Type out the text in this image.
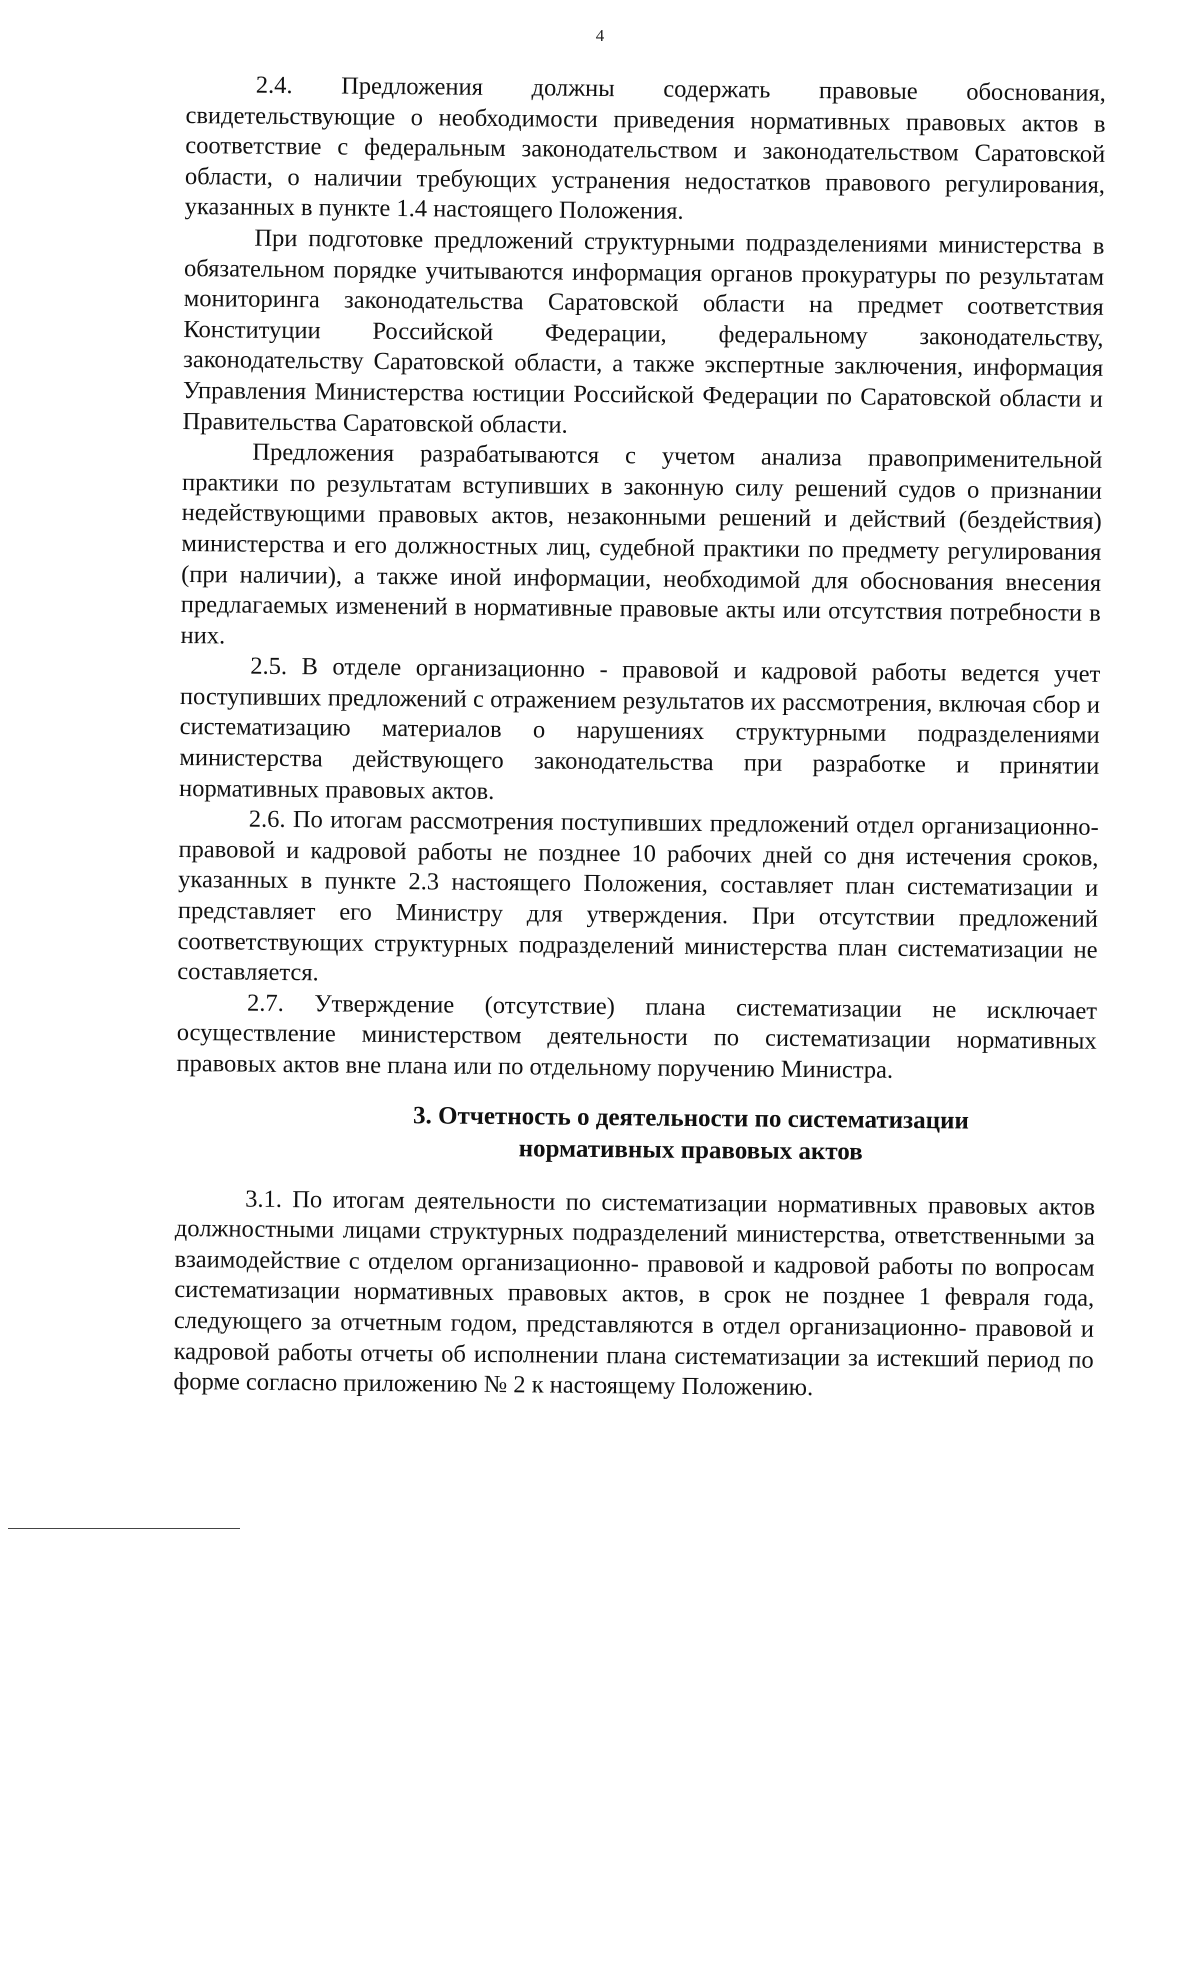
4

2.4. Предложения должны содержать правовые обоснования, свидетельствующие о необходимости приведения нормативных правовых актов в соответствие с федеральным законодательством и законодательством Саратовской области, о наличии требующих устранения недостатков правового регулирования, указанных в пункте 1.4 настоящего Положения.

При подготовке предложений структурными подразделениями министерства в обязательном порядке учитываются информация органов прокуратуры по результатам мониторинга законодательства Саратовской области на предмет соответствия Конституции Российской Федерации, федеральному законодательству, законодательству Саратовской области, а также экспертные заключения, информация Управления Министерства юстиции Российской Федерации по Саратовской области и Правительства Саратовской области.

Предложения разрабатываются с учетом анализа правоприменительной практики по результатам вступивших в законную силу решений судов о признании недействующими правовых актов, незаконными решений и действий (бездействия) министерства и его должностных лиц, судебной практики по предмету регулирования (при наличии), а также иной информации, необходимой для обоснования внесения предлагаемых изменений в нормативные правовые акты или отсутствия потребности в них.

2.5. В отделе организационно - правовой и кадровой работы ведется учет поступивших предложений с отражением результатов их рассмотрения, включая сбор и систематизацию материалов о нарушениях структурными подразделениями министерства действующего законодательства при разработке и принятии нормативных правовых актов.

2.6. По итогам рассмотрения поступивших предложений отдел организационно- правовой и кадровой работы не позднее 10 рабочих дней со дня истечения сроков, указанных в пункте 2.3 настоящего Положения, составляет план систематизации и представляет его Министру для утверждения. При отсутствии предложений соответствующих структурных подразделений министерства план систематизации не составляется.

2.7. Утверждение (отсутствие) плана систематизации не исключает осуществление министерством деятельности по систематизации нормативных правовых актов вне плана или по отдельному поручению Министра.

3. Отчетность о деятельности по систематизации
нормативных правовых актов

3.1. По итогам деятельности по систематизации нормативных правовых актов должностными лицами структурных подразделений министерства, ответственными за взаимодействие с отделом организационно- правовой и кадровой работы по вопросам систематизации нормативных правовых актов, в срок не позднее 1 февраля года, следующего за отчетным годом, представляются в отдел организационно- правовой и кадровой работы отчеты об исполнении плана систематизации за истекший период по форме согласно приложению № 2 к настоящему Положению.
